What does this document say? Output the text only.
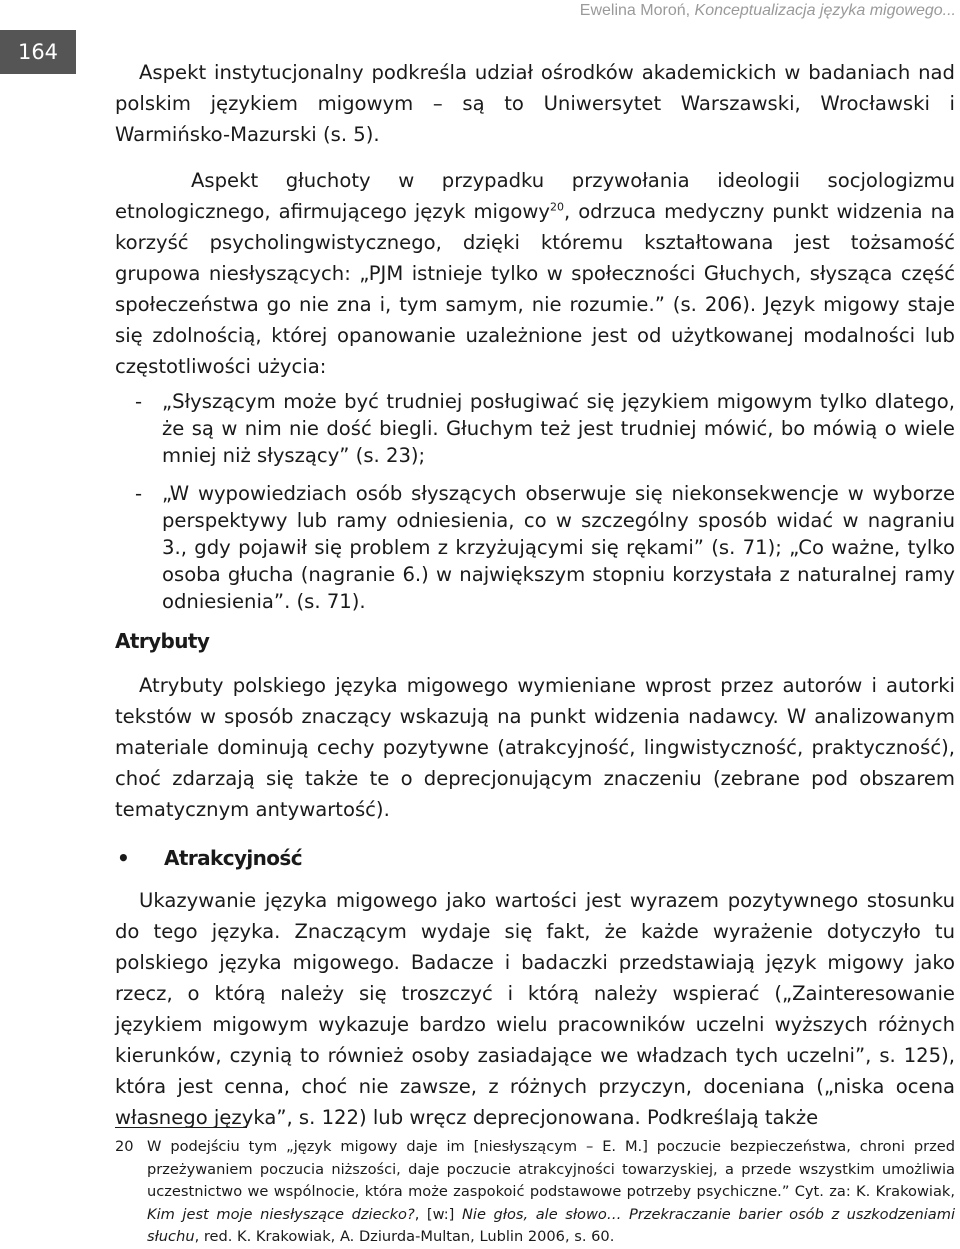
Ewelina Moroń, Konceptualizacja języka migowego...
164

Aspekt instytucjonalny podkreśla udział ośrodków akademickich w badaniach nad polskim językiem migowym – są to Uniwersytet Warszawski, Wrocławski i Warmińsko-Mazurski (s. 5).

Aspekt głuchoty w przypadku przywołania ideologii socjologizmu etnologicznego, afirmującego język migowy$^{20}$, odrzuca medyczny punkt widzenia na korzyść psycholingwistycznego, dzięki któremu kształtowana jest tożsamość grupowa niesłyszących: „PJM istnieje tylko w społeczności Głuchych, słysząca część społeczeństwa go nie zna i, tym samym, nie rozumie.” (s. 206). Język migowy staje się zdolnością, której opanowanie uzależnione jest od użytkowanej modalności lub częstotliwości użycia:

- „Słyszącym może być trudniej posługiwać się językiem migowym tylko dlatego, że są w nim nie dość biegli. Głuchym też jest trudniej mówić, bo mówią o wiele mniej niż słyszący” (s. 23);
- „W wypowiedziach osób słyszących obserwuje się niekonsekwencje w wyborze perspektywy lub ramy odniesienia, co w szczególny sposób widać w nagraniu 3., gdy pojawił się problem z krzyżującymi się rękami” (s. 71); „Co ważne, tylko osoba głucha (nagranie 6.) w największym stopniu korzystała z naturalnej ramy odniesienia”. (s. 71).
Atrybuty

Atrybuty polskiego języka migowego wymieniane wprost przez autorów i autorki tekstów w sposób znaczący wskazują na punkt widzenia nadawcy. W analizowanym materiale dominują cechy pozytywne (atrakcyjność, lingwistyczność, praktyczność), choć zdarzają się także te o deprecjonującym znaczeniu (zebrane pod obszarem tematycznym antywartość).

•	Atrakcyjność

Ukazywanie języka migowego jako wartości jest wyrazem pozytywnego stosunku do tego języka. Znaczącym wydaje się fakt, że każde wyrażenie dotyczyło tu polskiego języka migowego. Badacze i badaczki przedstawiają język migowy jako rzecz, o którą należy się troszczyć i którą należy wspierać („Zainteresowanie językiem migowym wykazuje bardzo wielu pracowników uczelni wyższych różnych kierunków, czynią to również osoby zasiadające we władzach tych uczelni”, s. 125), która jest cenna, choć nie zawsze, z różnych przyczyn, doceniana („niska ocena własnego języka”, s. 122) lub wręcz deprecjonowana. Podkreślają także

20 W podejściu tym „język migowy daje im [niesłyszącym – E. M.] poczucie bezpieczeństwa, chroni przed przeżywaniem poczucia niższości, daje poczucie atrakcyjności towarzyskiej, a przede wszystkim umożliwia uczestnictwo we wspólnocie, która może zaspokoić podstawowe potrzeby psychiczne.” Cyt. za: K. Krakowiak, Kim jest moje niesłyszące dziecko?, [w:] Nie głos, ale słowo… Przekraczanie barier osób z uszkodzeniami słuchu, red. K. Krakowiak, A. Dziurda-Multan, Lublin 2006, s. 60.
